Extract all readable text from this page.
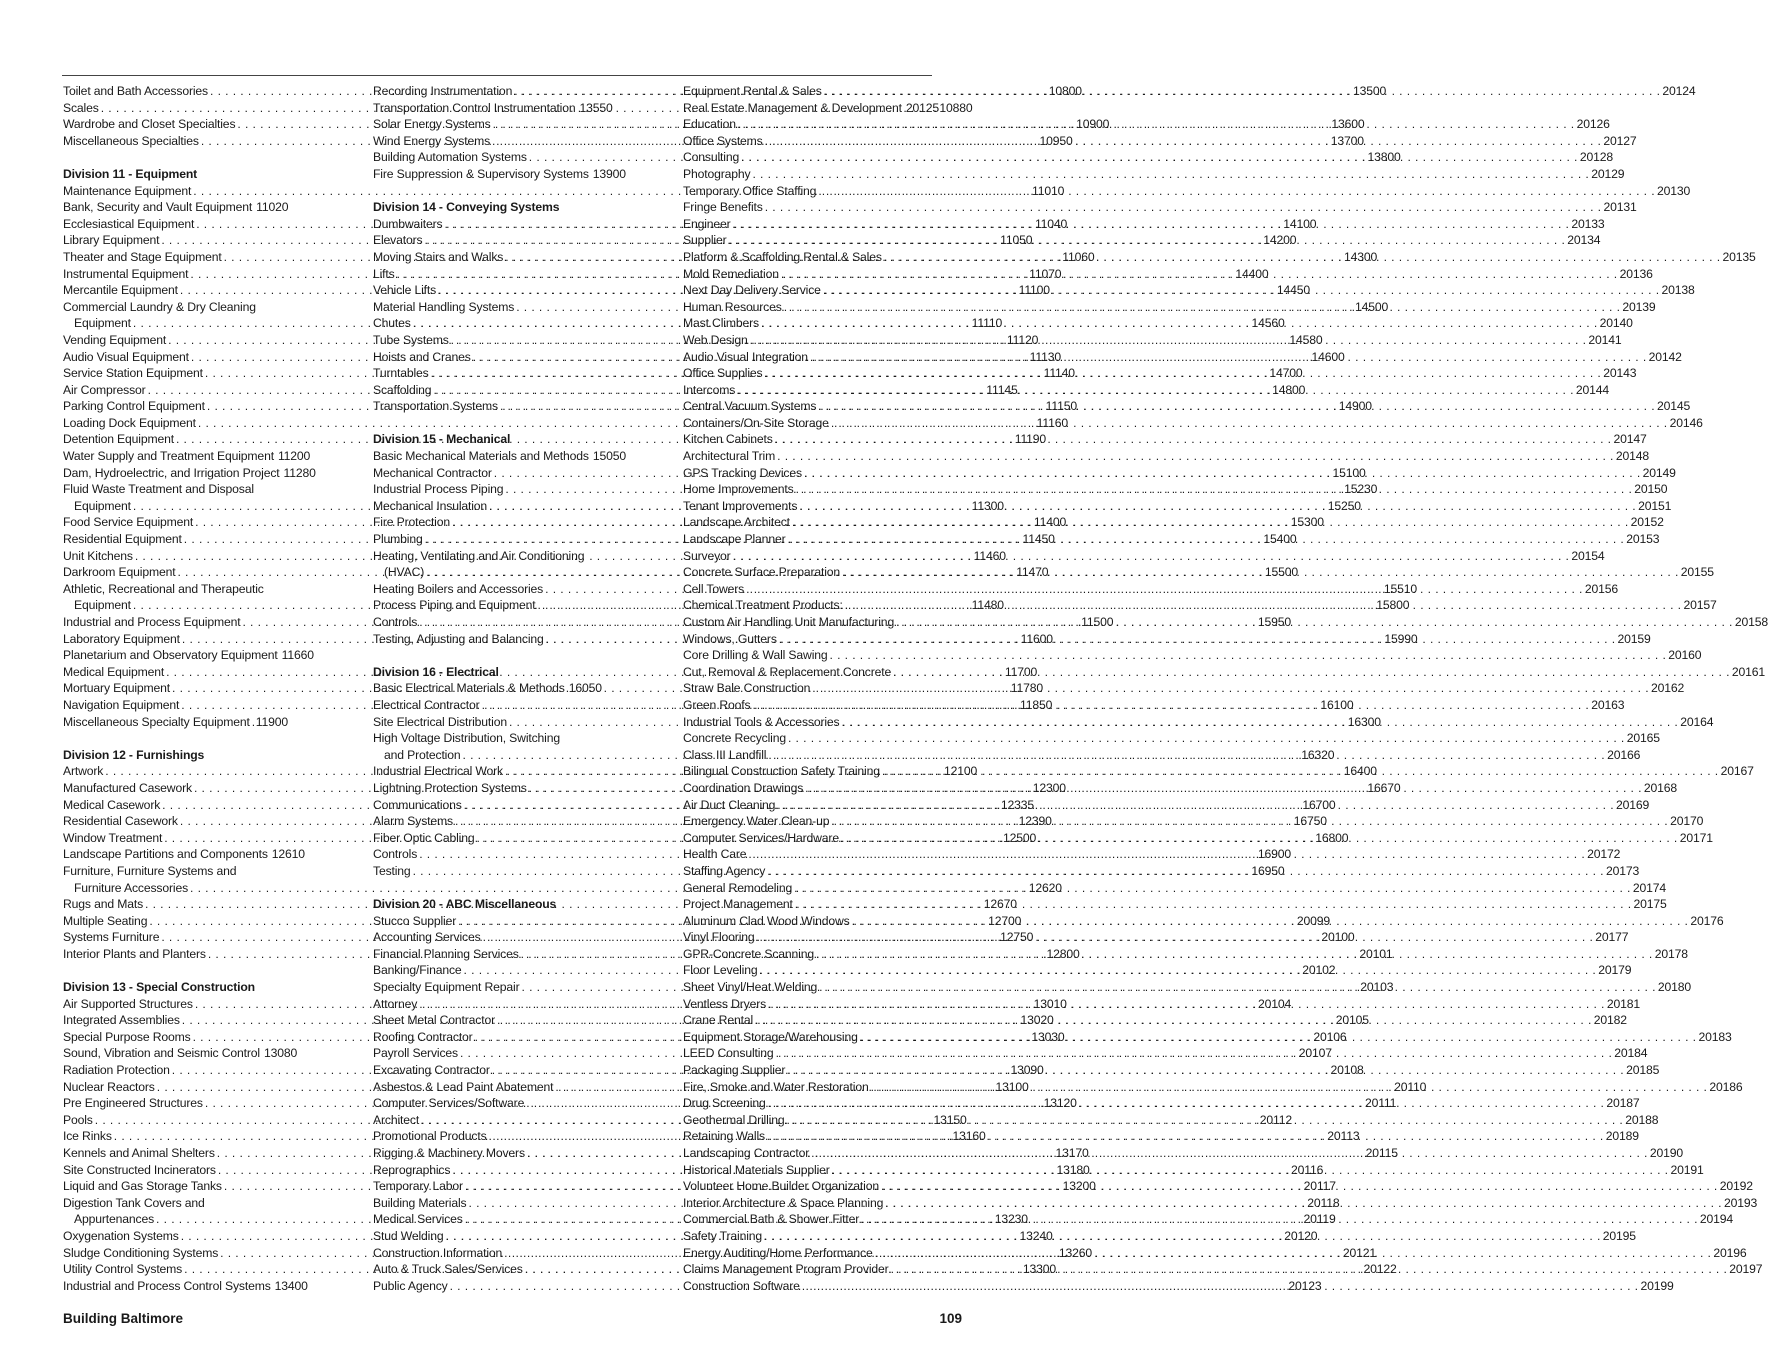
Toilet and Bath Accessories . . .	10800
Scales . . .	10880
Wardrobe and Closet Specialties . . .	10900
Miscellaneous Specialties . . .	10950
Division 11 - Equipment
Maintenance Equipment . . .	11010
Bank, Security and Vault Equipment 11020
Ecclesiastical Equipment . . .	11040
Library Equipment . . .	11050
Theater and Stage Equipment . . .	11060
Instrumental Equipment . . .	11070
Mercantile Equipment . . .	11100
Commercial Laundry & Dry Cleaning
Equipment . . .	11110
Vending Equipment . . .	11120
Audio Visual Equipment . . .	11130
Service Station Equipment . . .	11140
Air Compressor . . .	11145
Parking Control Equipment . . .	11150
Loading Dock Equipment . . .	11160
Detention Equipment . . .	11190
Water Supply and Treatment Equipment 11200
Dam, Hydroelectric, and Irrigation Project 11280
Fluid Waste Treatment and Disposal
Equipment . . .	11300
Food Service Equipment . . .	11400
Residential Equipment . . .	11450
Unit Kitchens . . .	11460
Darkroom Equipment . . .	11470
Athletic, Recreational and Therapeutic
Equipment . . .	11480
Industrial and Process Equipment . . .	11500
Laboratory Equipment . . .	11600
Planetarium and Observatory Equipment 11660
Medical Equipment . . .	11700
Mortuary Equipment . . .	11780
Navigation Equipment . . .	11850
Miscellaneous Specialty Equipment . . . 11900
Division 12 - Furnishings
Artwork . . .	12100
Manufactured Casework . . .	12300
Medical Casework . . .	12335
Residential Casework . . .	12390
Window Treatment . . .	12500
Landscape Partitions and Components 12610
Furniture, Furniture Systems and
Furniture Accessories . . .	12620
Rugs and Mats . . .	12670
Multiple Seating . . .	12700
Systems Furniture . . .	12750
Interior Plants and Planters . . .	12800
Division 13 - Special Construction
Air Supported Structures . . .	13010
Integrated Assemblies . . .	13020
Special Purpose Rooms . . .	13030
Sound, Vibration and Seismic Control 13080
Radiation Protection . . .	13090
Nuclear Reactors . . .	13100
Pre Engineered Structures . . .	13120
Pools . . .	13150
Ice Rinks . . .	13160
Kennels and Animal Shelters . . .	13170
Site Constructed Incinerators . . .	13180
Liquid and Gas Storage Tanks . . .	13200
Digestion Tank Covers and
Appurtenances . . .	13230
Oxygenation Systems . . .	13240
Sludge Conditioning Systems . . .	13260
Utility Control Systems . . .	13300
Industrial and Process Control Systems 13400
Recording Instrumentation . . .	13500
Transportation Control Instrumentation 13550
Solar Energy Systems . . .	13600
Wind Energy Systems . . .	13700
Building Automation Systems . . .	13800
Fire Suppression & Supervisory Systems 13900
Division 14 - Conveying Systems
Dumbwaiters . . .	14100
Elevators . . .	14200
Moving Stairs and Walks . . .	14300
Lifts . . .	14400
Vehicle Lifts . . .	14450
Material Handling Systems . . .	14500
Chutes . . .	14560
Tube Systems . . .	14580
Hoists and Cranes . . .	14600
Turntables . . .	14700
Scaffolding . . .	14800
Transportation Systems . . .	14900
Division 15 - Mechanical
Basic Mechanical Materials and Methods 15050
Mechanical Contractor . . .	15100
Industrial Process Piping . . .	15230
Mechanical Insulation . . .	15250
Fire Protection . . .	15300
Plumbing . . .	15400
Heating, Ventilating and Air Conditioning
(HVAC) . . .	15500
Heating Boilers and Accessories . . .	15510
Process Piping and Equipment . . .	15800
Controls . . .	15950
Testing, Adjusting and Balancing . . .	15990
Division 16 - Electrical
Basic Electrical Materials & Methods 16050
Electrical Contractor . . .	16100
Site Electrical Distribution . . .	16300
High Voltage Distribution, Switching
and Protection . . .	16320
Industrial Electrical Work . . .	16400
Lightning Protection Systems . . .	16670
Communications . . .	16700
Alarm Systems . . .	16750
Fiber Optic Cabling . . .	16800
Controls . . .	16900
Testing . . .	16950
Division 20 - ABC Miscellaneous
Stucco Supplier . . .	20099
Accounting Services . . .	20100
Financial Planning Services . . .	20101
Banking/Finance . . .	20102
Specialty Equipment Repair . . .	20103
Attorney . . .	20104
Sheet Metal Contractor . . .	20105
Roofing Contractor . . .	20106
Payroll Services . . .	20107
Excavating Contractor . . .	20108
Asbestos & Lead Paint Abatement . . .	20110
Computer Services/Software . . .	20111
Architect . . .	20112
Promotional Products . . .	20113
Rigging & Machinery Movers . . .	20115
Reprographics . . .	20116
Temporary Labor . . .	20117
Building Materials . . .	20118
Medical Services . . .	20119
Stud Welding . . .	20120
Construction Information . . .	20121
Auto & Truck Sales/Services . . .	20122
Public Agency . . .	20123
Equipment Rental & Sales . . .	20124
Real Estate Management & Development 20125
Education . . .	20126
Office Systems . . .	20127
Consulting . . .	20128
Photography . . .	20129
Temporary Office Staffing . . .	20130
Fringe Benefits . . .	20131
Engineer . . .	20133
Supplier . . .	20134
Platform & Scaffolding Rental & Sales . . .	20135
Mold Remediation . . .	20136
Next Day Delivery Service . . .	20138
Human Resources . . .	20139
Mast Climbers . . .	20140
Web Design . . .	20141
Audio Visual Integration . . .	20142
Office Supplies . . .	20143
Intercoms . . .	20144
Central Vacuum Systems . . .	20145
Containers/On-Site Storage . . .	20146
Kitchen Cabinets . . .	20147
Architectural Trim . . .	20148
GPS Tracking Devices . . .	20149
Home Improvements . . .	20150
Tenant Improvements . . .	20151
Landscape Architect . . .	20152
Landscape Planner . . .	20153
Surveyor . . .	20154
Concrete Surface Preparation . . .	20155
Cell Towers . . .	20156
Chemical Treatment Products: . . .	20157
Custom Air Handling Unit Manufacturing . . .	20158
Windows, Gutters . . .	20159
Core Drilling & Wall Sawing . . .	20160
Cut, Removal & Replacement Concrete . . .	20161
Straw Bale Construction . . .	20162
Green Roofs . . .	20163
Industrial Tools & Accessories . . .	20164
Concrete Recycling . . .	20165
Class III Landfill . . .	20166
Bilingual Construction Safety Training . . .	20167
Coordination Drawings . . .	20168
Air Duct Cleaning . . .	20169
Emergency Water Clean-up . . .	20170
Computer Services/Hardware . . .	20171
Health Care . . .	20172
Staffing Agency . . .	20173
General Remodeling . . .	20174
Project Management . . .	20175
Aluminum Clad Wood Windows . . .	20176
Vinyl Flooring . . .	20177
GPR-Concrete Scanning . . .	20178
Floor Leveling . . .	20179
Sheet Vinyl/Heat Welding . . .	20180
Ventless Dryers . . .	20181
Crane Rental . . .	20182
Equipment Storage/Warehousing . . .	20183
LEED Consulting . . .	20184
Packaging Supplier . . .	20185
Fire, Smoke and Water Restoration . . .	20186
Drug Screening . . .	20187
Geothermal Drilling . . .	20188
Retaining Walls . . .	20189
Landscaping Contractor . . .	20190
Historical Materials Supplier . . .	20191
Volunteer Home Builder Organization . . .	20192
Interior Architecture & Space Planning . . .	20193
Commercial Bath & Shower Fitter . . .	20194
Safety Training . . .	20195
Energy Auditing/Home Performance . . .	20196
Claims Management Program Provider . . .	20197
Construction Software . . .	20199
Building Baltimore	109
